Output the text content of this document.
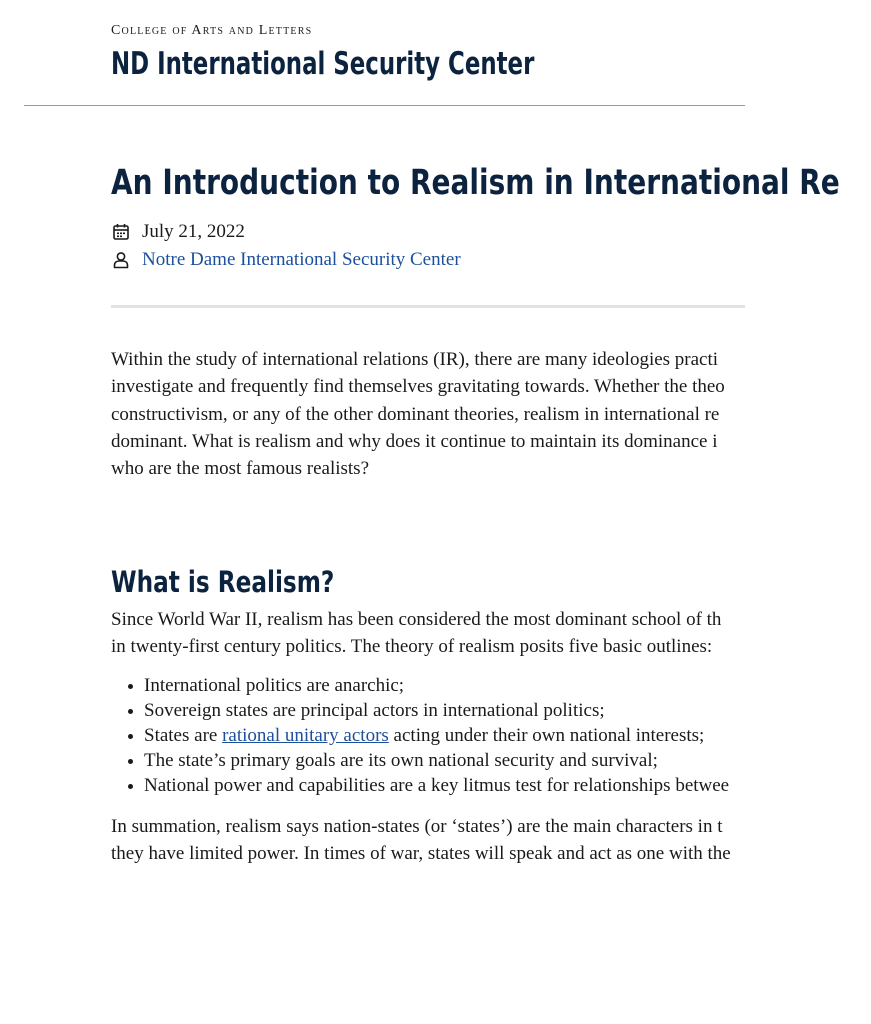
College of Arts and Letters
ND International Security Center
An Introduction to Realism in International Re
July 21, 2022
Notre Dame International Security Center

Within the study of international relations (IR), there are many ideologies practi

investigate and frequently find themselves gravitating towards. Whether the theo

constructivism, or any of the other dominant theories, realism in international re

dominant. What is realism and why does it continue to maintain its dominance i

who are the most famous realists?

What is Realism?

Since World War II, realism has been considered the most dominant school of th

in twenty-first century politics. The theory of realism posits five basic outlines:

International politics are anarchic;
Sovereign states are principal actors in international politics;
States are rational unitary actors acting under their own national interests;
The state’s primary goals are its own national security and survival;
National power and capabilities are a key litmus test for relationships betwee

In summation, realism says nation-states (or ‘states’) are the main characters in t

they have limited power. In times of war, states will speak and act as one with the
